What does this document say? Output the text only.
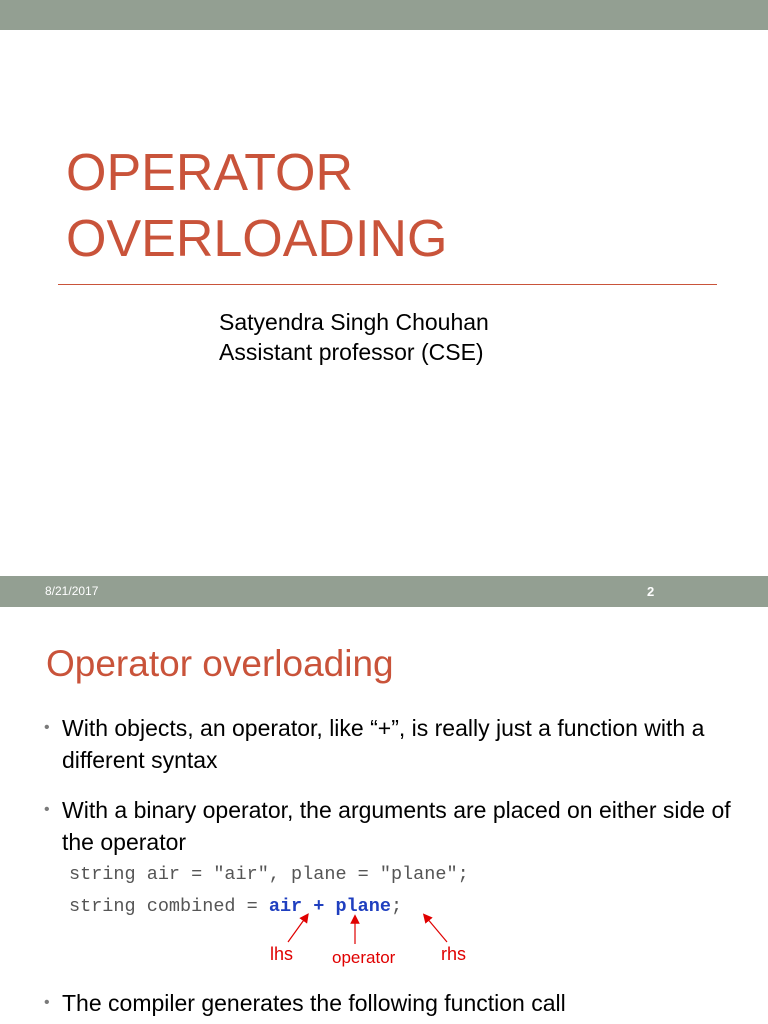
OPERATOR
OVERLOADING
Satyendra Singh Chouhan
Assistant professor (CSE)
8/21/2017	2
Operator overloading
• With objects, an operator, like “+”, is really just a function with a different syntax
• With a binary operator, the arguments are placed on either side of the operator
• The compiler generates the following function call
string air = "air", plane = "plane";
string combined = air + plane;
lhs operator	rhs
